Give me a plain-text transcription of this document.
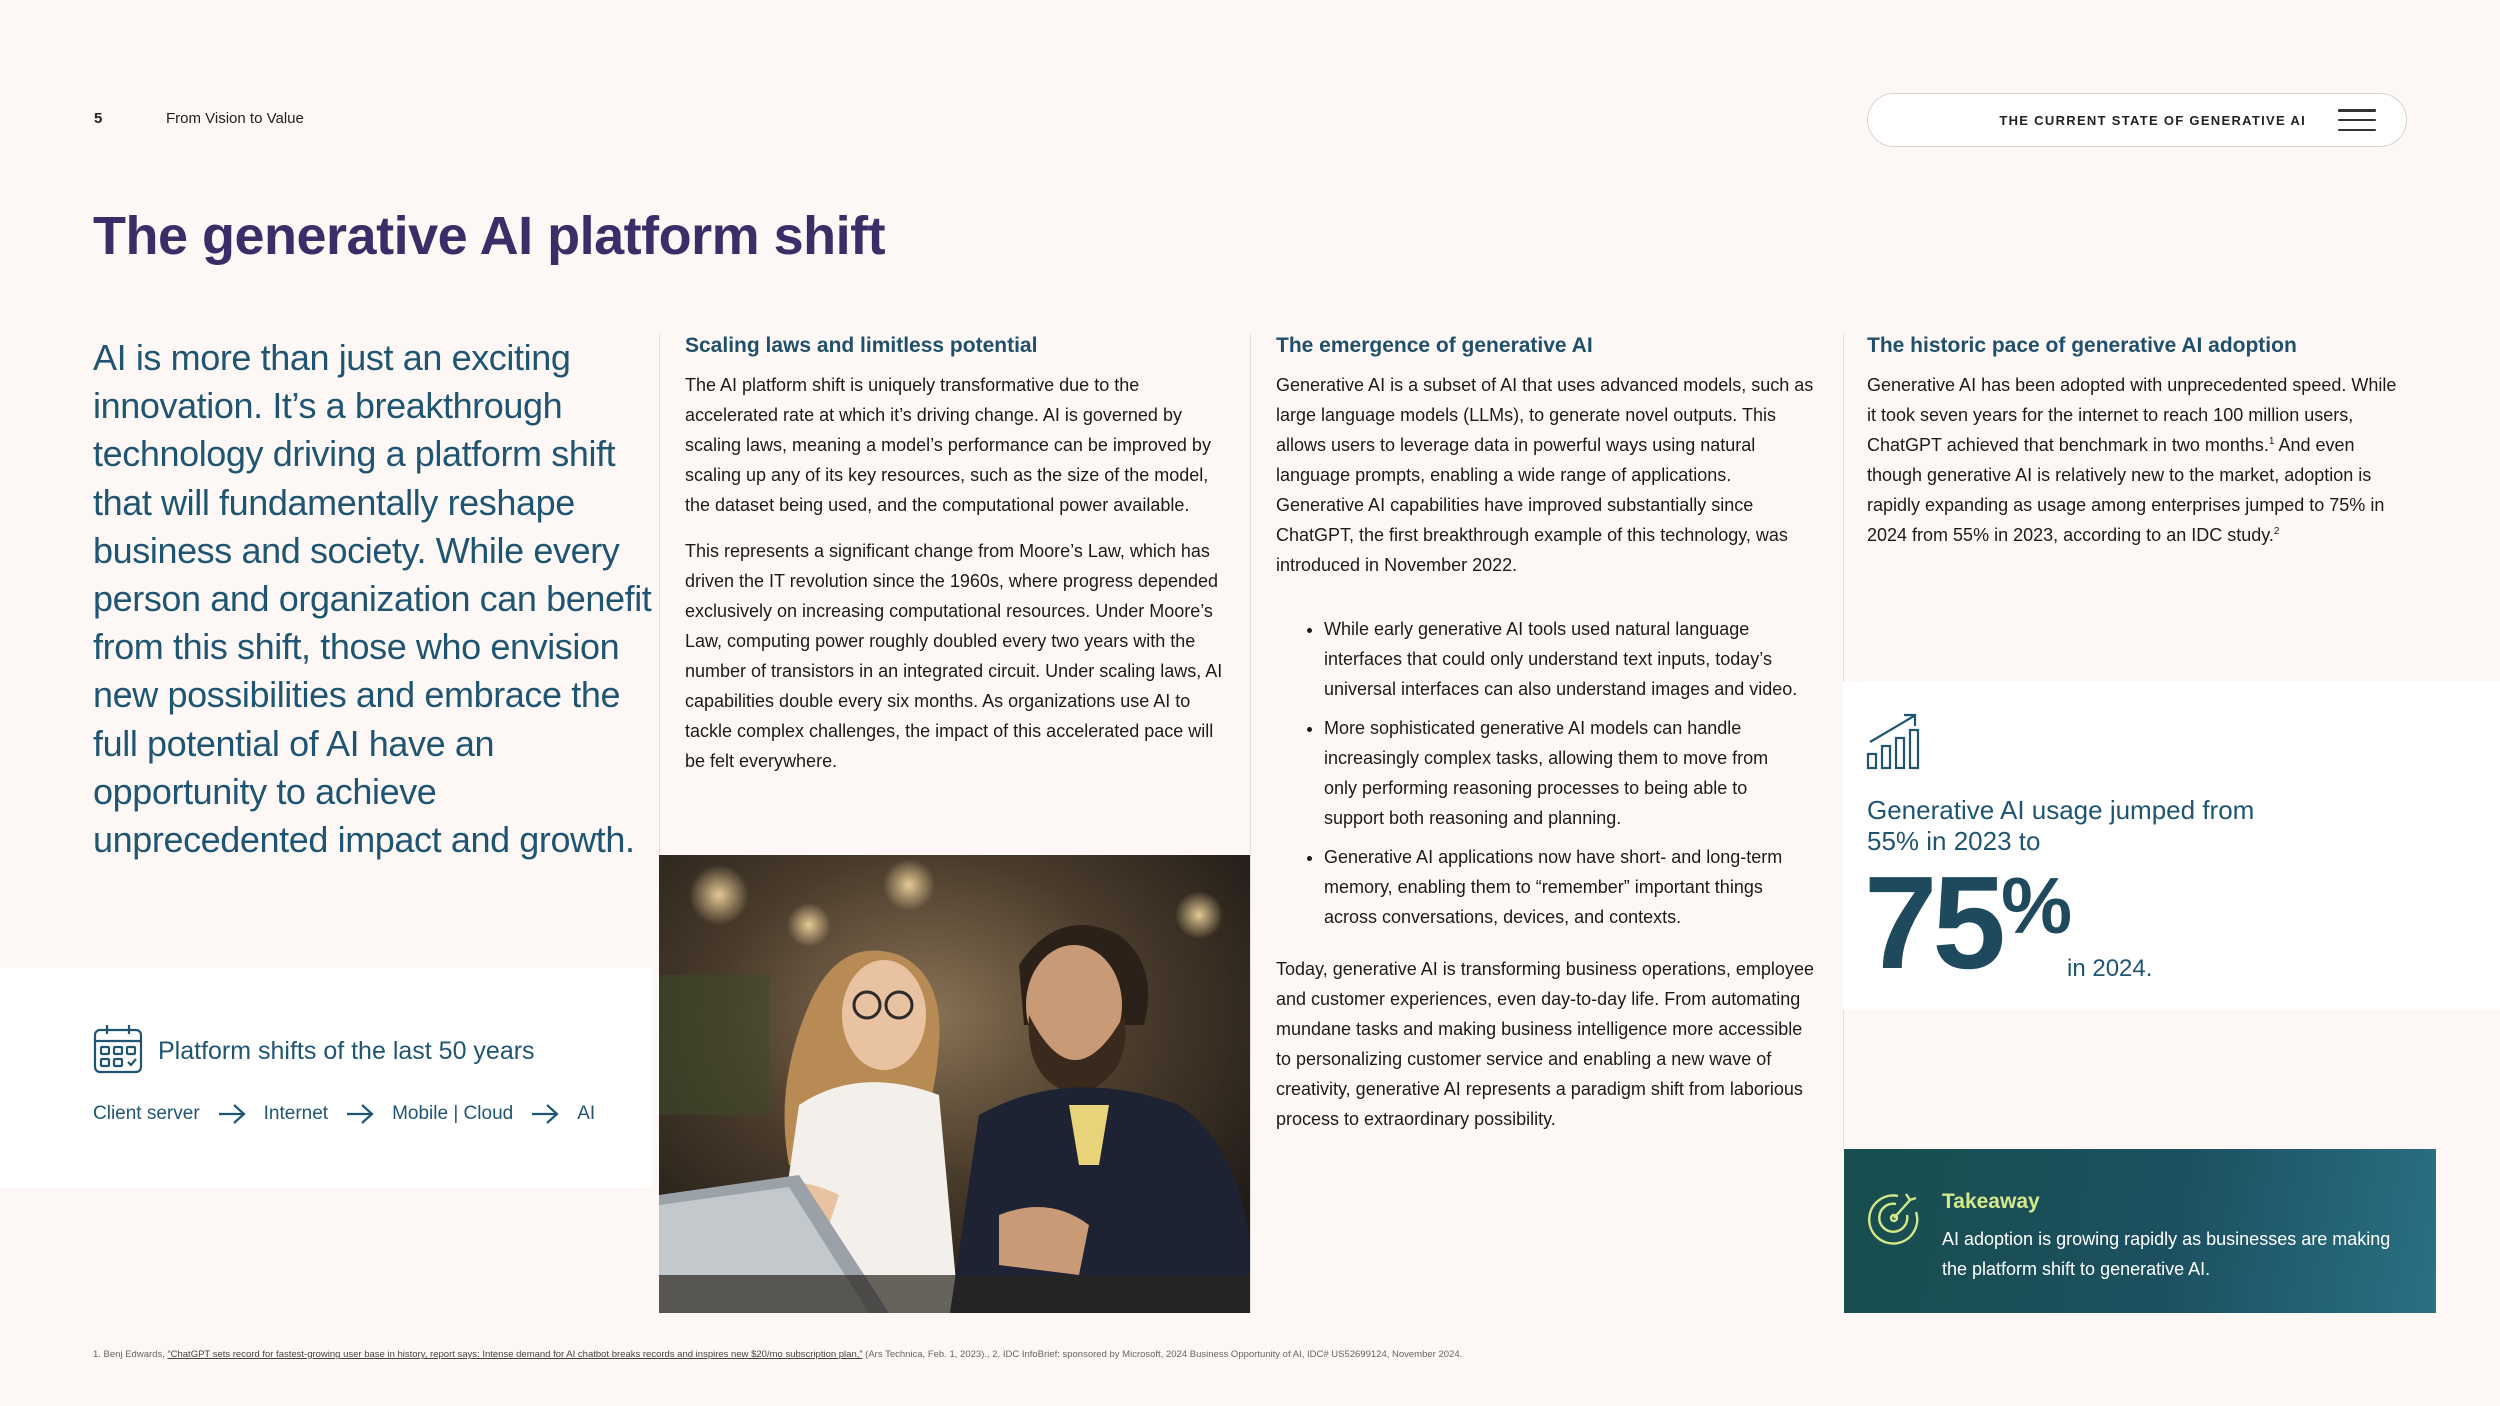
5	From Vision to Value	THE CURRENT STATE OF GENERATIVE AI
The generative AI platform shift
AI is more than just an exciting innovation. It’s a breakthrough technology driving a platform shift that will fundamentally reshape business and society. While every person and organization can benefit from this shift, those who envision new possibilities and embrace the full potential of AI have an opportunity to achieve unprecedented impact and growth.
Platform shifts of the last 50 years
Client server	Internet	Mobile | Cloud	AI
Scaling laws and limitless potential

The AI platform shift is uniquely transformative due to the accelerated rate at which it’s driving change. AI is governed by scaling laws, meaning a model’s performance can be improved by scaling up any of its key resources, such as the size of the model, the dataset being used, and the computational power available.

This represents a significant change from Moore’s Law, which has driven the IT revolution since the 1960s, where progress depended exclusively on increasing computational resources. Under Moore’s Law, computing power roughly doubled every two years with the number of transistors in an integrated circuit. Under scaling laws, AI capabilities double every six months. As organizations use AI to tackle complex challenges, the impact of this accelerated pace will be felt everywhere.

The emergence of generative AI

Generative AI is a subset of AI that uses advanced models, such as large language models (LLMs), to generate novel outputs. This allows users to leverage data in powerful ways using natural language prompts, enabling a wide range of applications. Generative AI capabilities have improved substantially since ChatGPT, the first breakthrough example of this technology, was introduced in November 2022.

• While early generative AI tools used natural language interfaces that could only understand text inputs, today’s universal interfaces can also understand images and video.
• More sophisticated generative AI models can handle increasingly complex tasks, allowing them to move from only performing reasoning processes to being able to support both reasoning and planning.
• Generative AI applications now have short- and long-term memory, enabling them to “remember” important things across conversations, devices, and contexts.

Today, generative AI is transforming business operations, employee and customer experiences, even day-to-day life. From automating mundane tasks and making business intelligence more accessible to personalizing customer service and enabling a new wave of creativity, generative AI represents a paradigm shift from laborious process to extraordinary possibility.

The historic pace of generative AI adoption

Generative AI has been adopted with unprecedented speed. While it took seven years for the internet to reach 100 million users, ChatGPT achieved that benchmark in two months.$^1$ And even though generative AI is relatively new to the market, adoption is rapidly expanding as usage among enterprises jumped to 75% in 2024 from 55% in 2023, according to an IDC study.$^2$

Generative AI usage jumped from 55% in 2023 to
75 %
in 2024.
Takeaway
AI adoption is growing rapidly as businesses are making the platform shift to generative AI.
1. Benj Edwards, “ChatGPT sets record for fastest-growing user base in history, report says: Intense demand for AI chatbot breaks records and inspires new $20/mo subscription plan,” (Ars Technica, Feb. 1, 2023)., 2. IDC InfoBrief: sponsored by Microsoft, 2024 Business Opportunity of AI, IDC# US52699124, November 2024.
